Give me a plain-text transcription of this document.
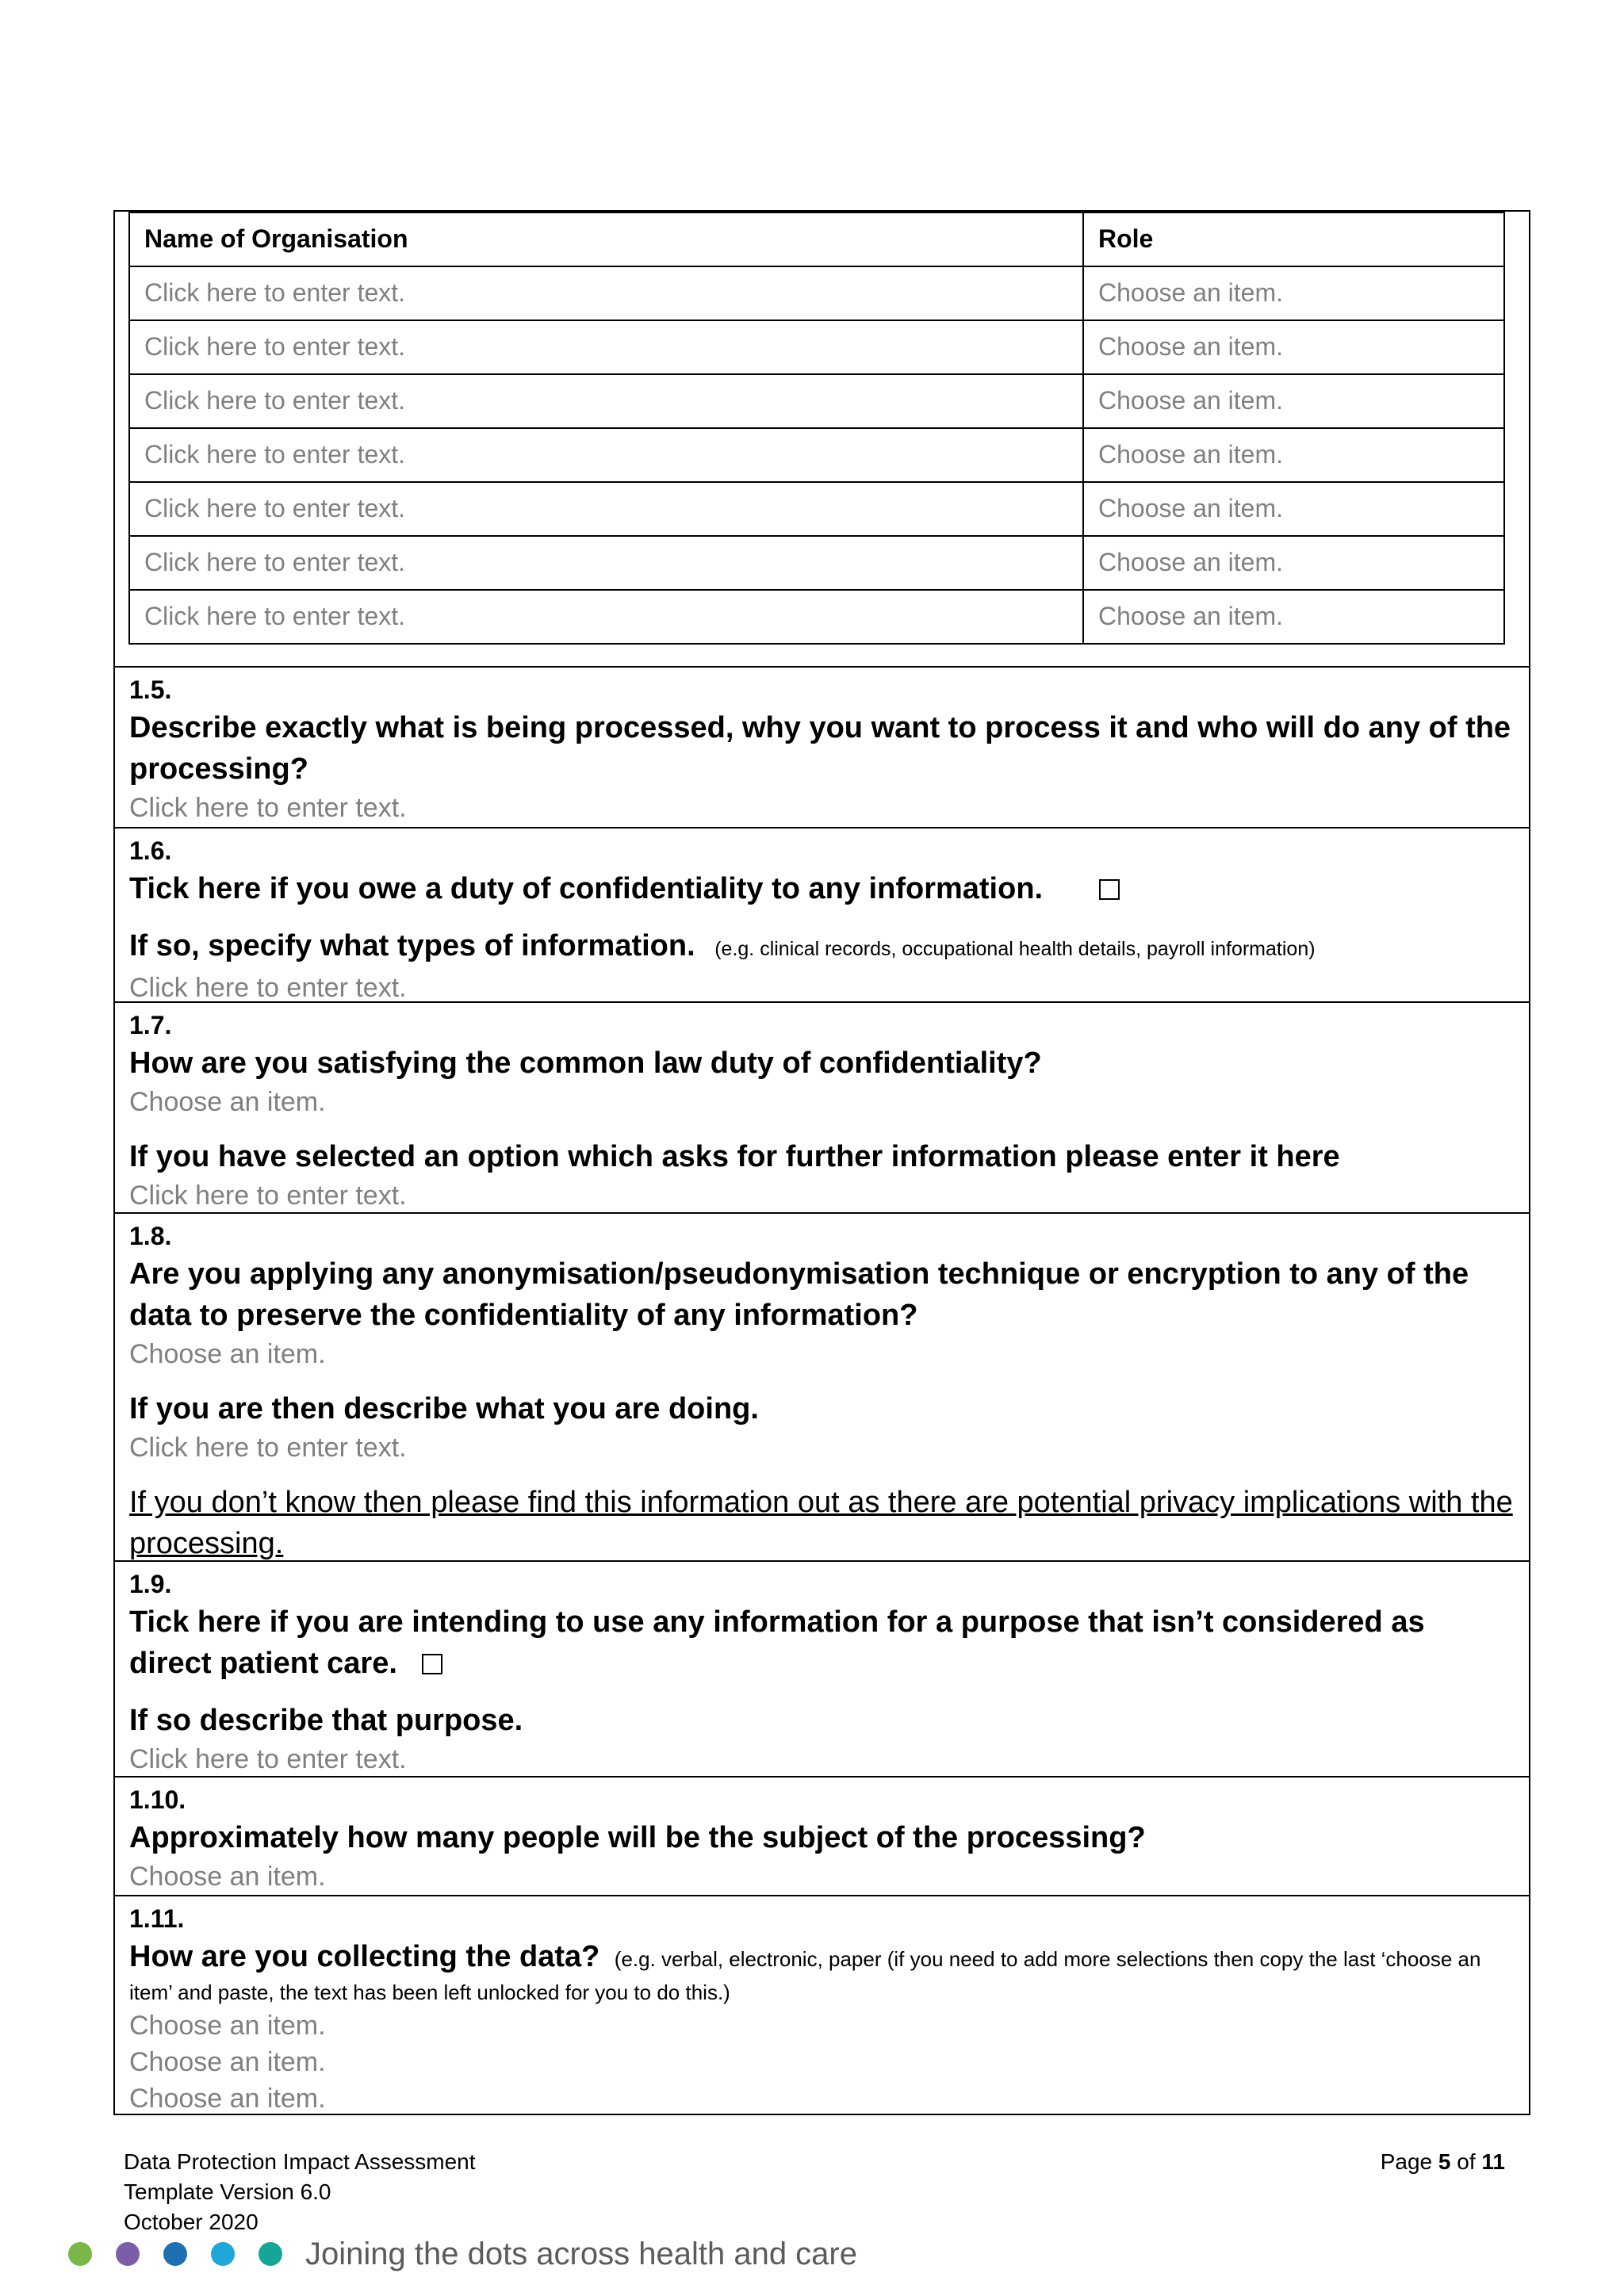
Name of Organisation	Role
Click here to enter text.	Choose an item.
Click here to enter text.	Choose an item.
Click here to enter text.	Choose an item.
Click here to enter text.	Choose an item.
Click here to enter text.	Choose an item.
Click here to enter text.	Choose an item.
Click here to enter text.	Choose an item.
1.5.
Describe exactly what is being processed, why you want to process it and who will do any of the processing?
Click here to enter text.
1.6.
Tick here if you owe a duty of confidentiality to any information.
If so, specify what types of information. (e.g. clinical records, occupational health details, payroll information)
Click here to enter text.
1.7.
How are you satisfying the common law duty of confidentiality?
Choose an item.
If you have selected an option which asks for further information please enter it here
Click here to enter text.
1.8.
Are you applying any anonymisation/pseudonymisation technique or encryption to any of the data to preserve the confidentiality of any information?
Choose an item.
If you are then describe what you are doing.
Click here to enter text.
If you don’t know then please find this information out as there are potential privacy implications with the processing.
1.9.
Tick here if you are intending to use any information for a purpose that isn’t considered as direct patient care.
If so describe that purpose.
Click here to enter text.
1.10.
Approximately how many people will be the subject of the processing?
Choose an item.
1.11.
How are you collecting the data? (e.g. verbal, electronic, paper (if you need to add more selections then copy the last ‘choose an item’ and paste, the text has been left unlocked for you to do this.)
Choose an item.
Choose an item.
Choose an item.
Data Protection Impact Assessment
Template Version 6.0
October 2020
Page 5 of 11
Joining the dots across health and care
